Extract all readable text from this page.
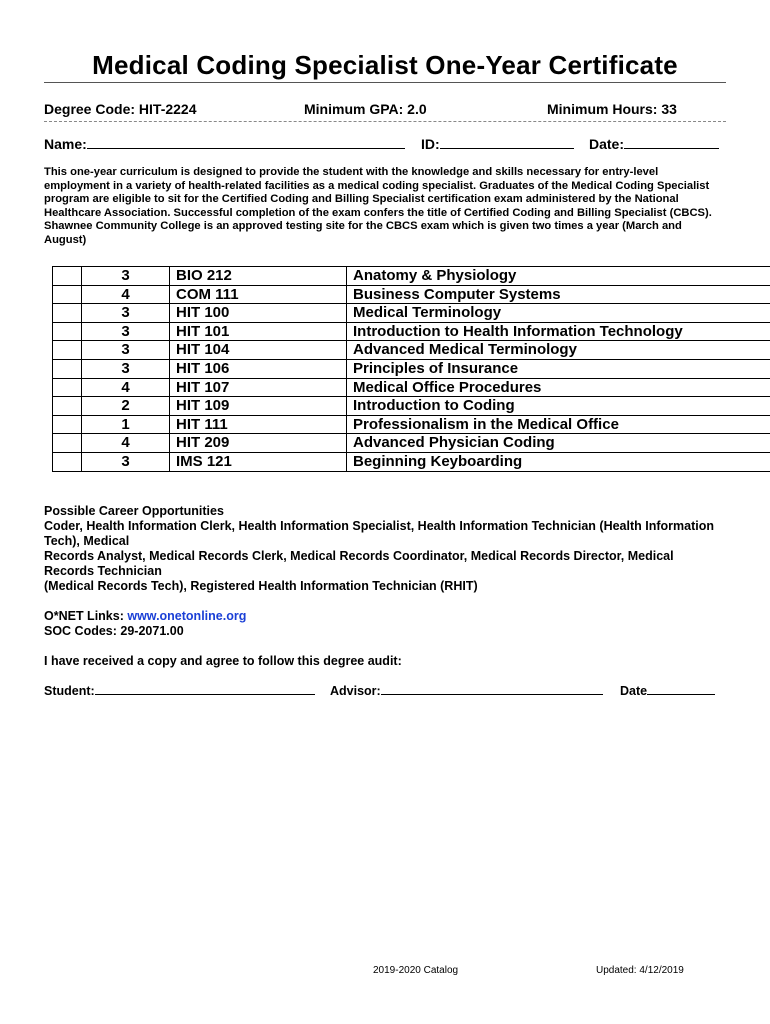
Medical Coding Specialist One-Year Certificate
Degree Code: HIT-2224	Minimum GPA: 2.0	Minimum Hours: 33
Name:	ID:	Date:

This one-year curriculum is designed to provide the student with the knowledge and skills necessary for entry-level employment in a variety of health-related facilities as a medical coding specialist. Graduates of the Medical Coding Specialist program are eligible to sit for the Certified Coding and Billing Specialist certification exam administered by the National Healthcare Association. Successful completion of the exam confers the title of Certified Coding and Billing Specialist (CBCS). Shawnee Community College is an approved testing site for the CBCS exam which is given two times a year (March and August)

	3	BIO 212	Anatomy & Physiology
	4	COM 111	Business Computer Systems
	3	HIT 100	Medical Terminology
	3	HIT 101	Introduction to Health Information Technology
	3	HIT 104	Advanced Medical Terminology
	3	HIT 106	Principles of Insurance
	4	HIT 107	Medical Office Procedures
	2	HIT 109	Introduction to Coding
	1	HIT 111	Professionalism in the Medical Office
	4	HIT 209	Advanced Physician Coding
	3	IMS 121	Beginning Keyboarding
Possible Career Opportunities
Coder, Health Information Clerk, Health Information Specialist, Health Information Technician (Health Information Tech), Medical
Records Analyst, Medical Records Clerk, Medical Records Coordinator, Medical Records Director, Medical Records Technician
(Medical Records Tech), Registered Health Information Technician (RHIT)
O*NET Links: www.onetonline.org
SOC Codes: 29-2071.00
I have received a copy and agree to follow this degree audit:
Student:	Advisor:	Date
2019-2020 Catalog	Updated: 4/12/2019
